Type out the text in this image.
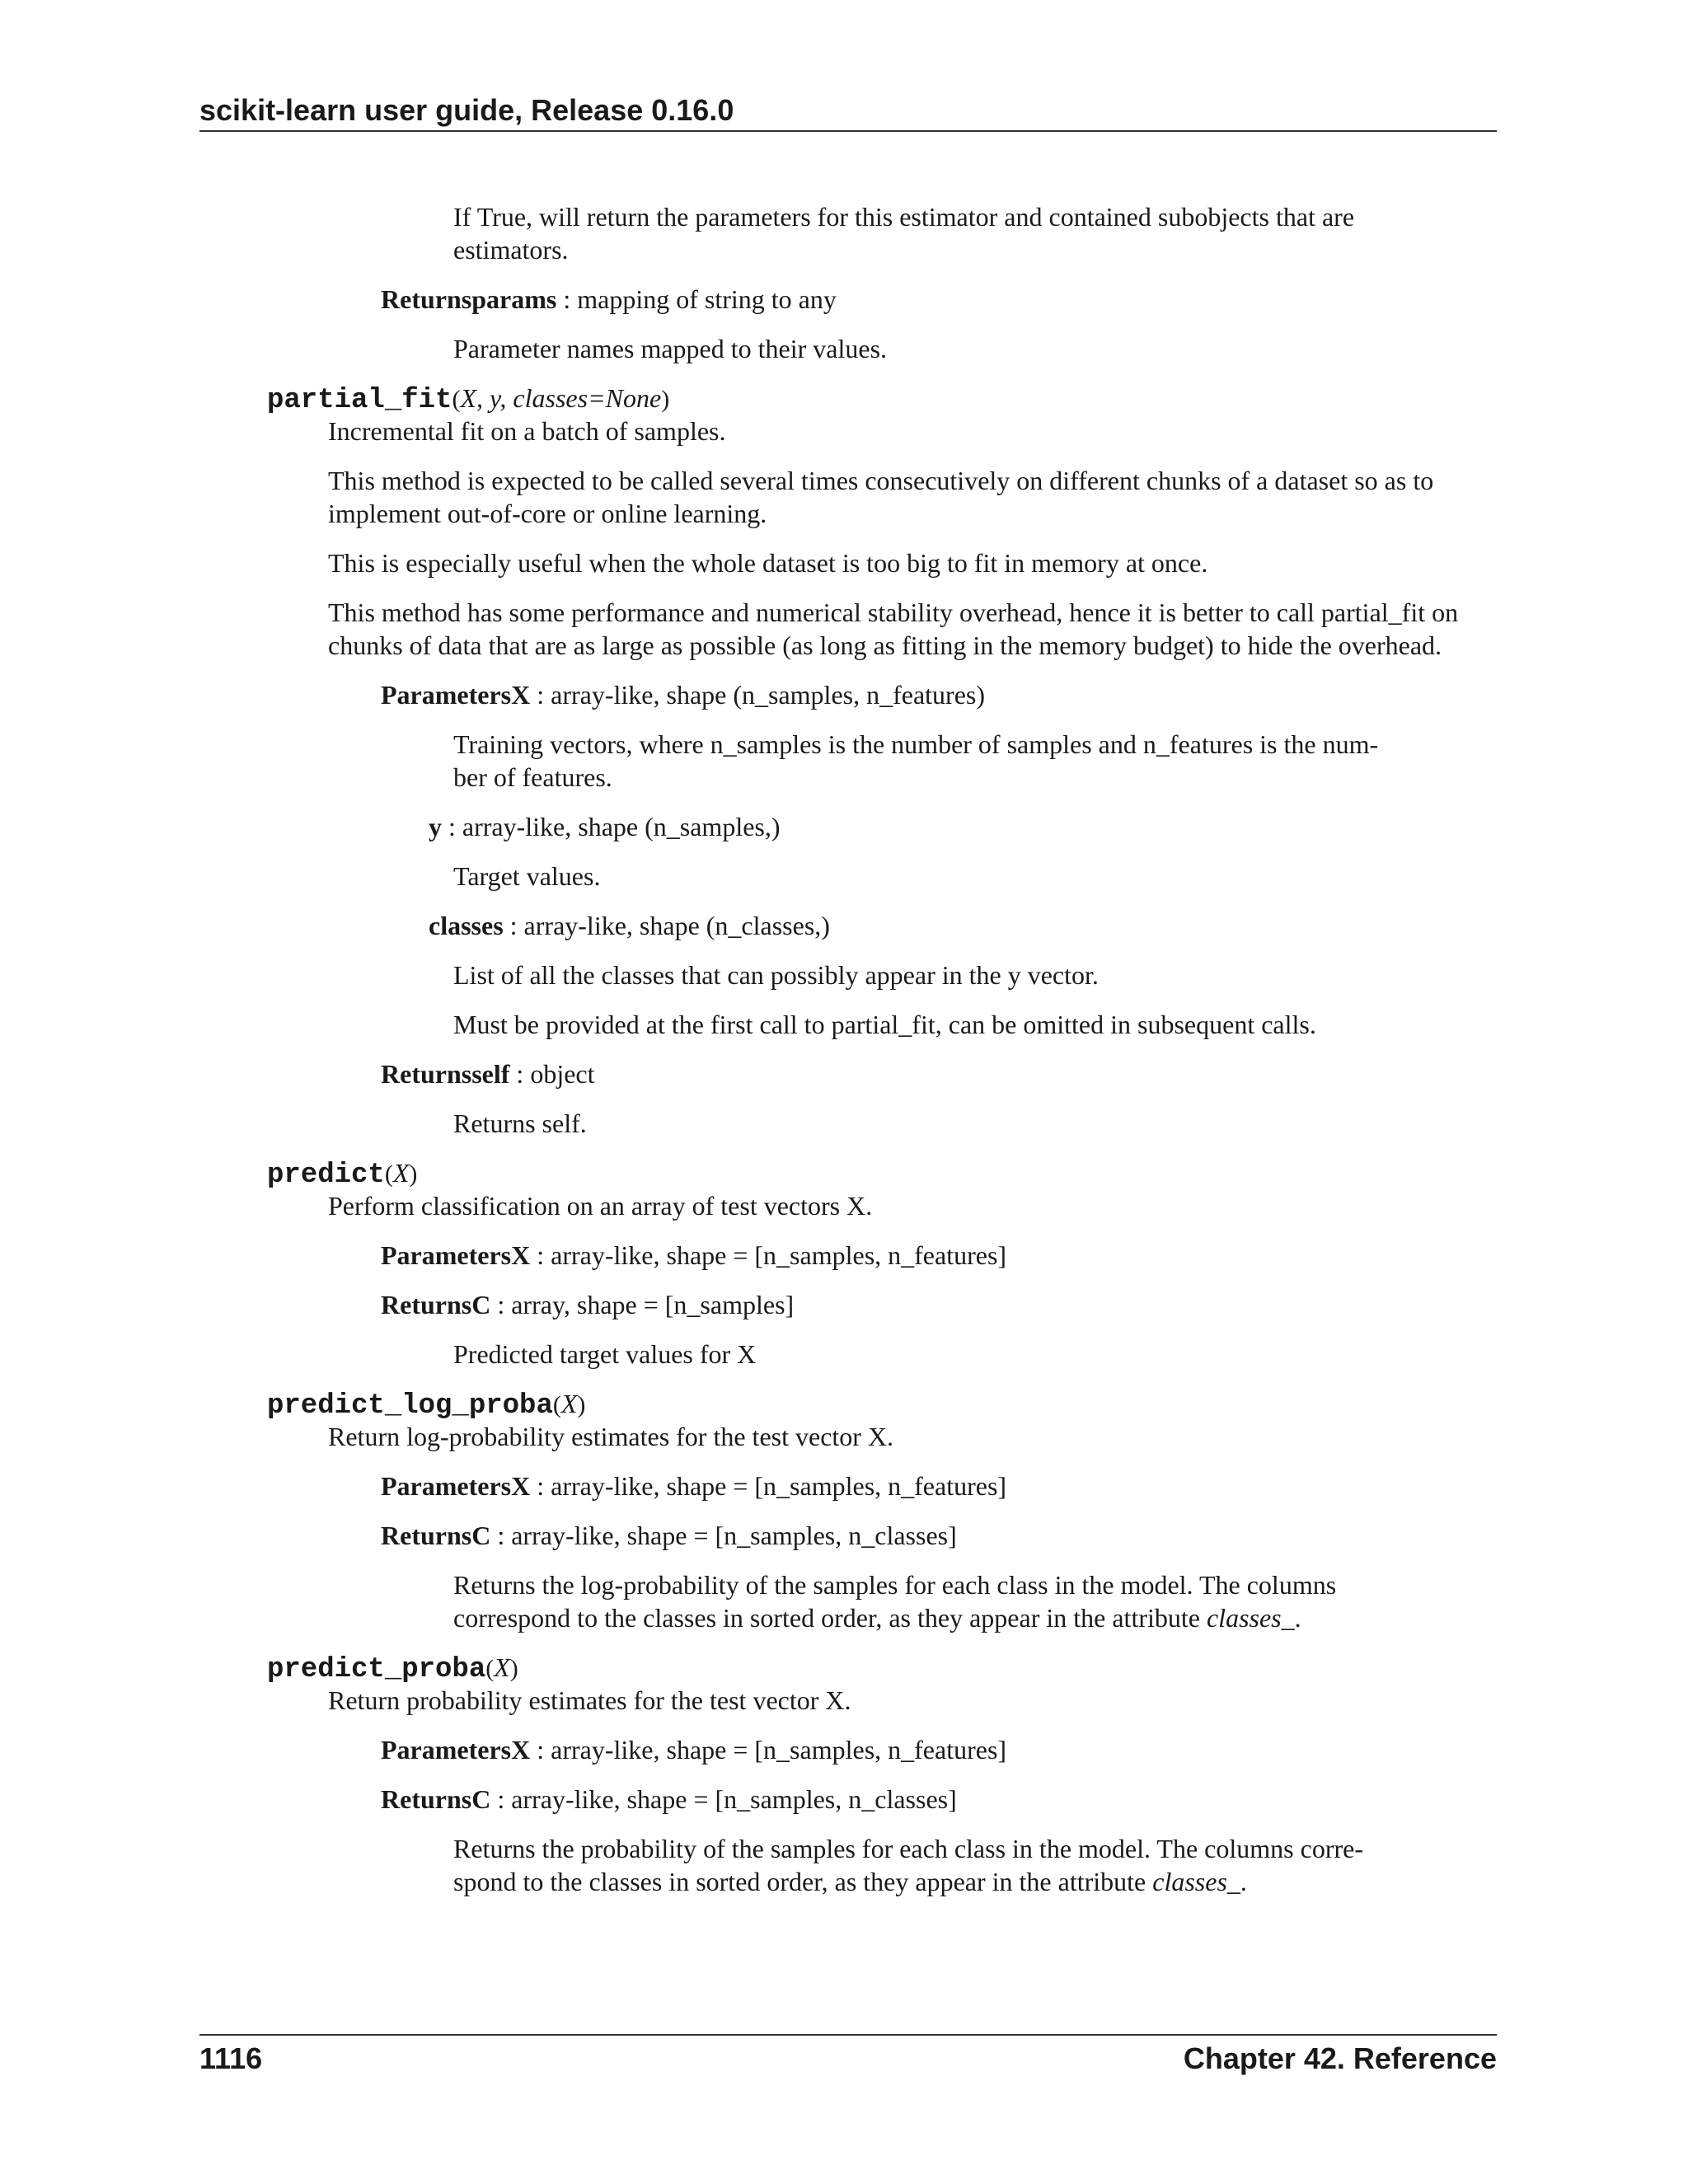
scikit-learn user guide, Release 0.16.0
If True, will return the parameters for this estimator and contained subobjects that are
estimators.
Returnsparams : mapping of string to any
Parameter names mapped to their values.
partial_fit(X, y, classes=None)
Incremental fit on a batch of samples.
This method is expected to be called several times consecutively on different chunks of a dataset so as to
implement out-of-core or online learning.
This is especially useful when the whole dataset is too big to fit in memory at once.
This method has some performance and numerical stability overhead, hence it is better to call partial_fit on
chunks of data that are as large as possible (as long as fitting in the memory budget) to hide the overhead.
ParametersX : array-like, shape (n_samples, n_features)
Training vectors, where n_samples is the number of samples and n_features is the num-
ber of features.
y : array-like, shape (n_samples,)
Target values.
classes : array-like, shape (n_classes,)
List of all the classes that can possibly appear in the y vector.
Must be provided at the first call to partial_fit, can be omitted in subsequent calls.
Returnsself : object
Returns self.
predict(X)
Perform classification on an array of test vectors X.
ParametersX : array-like, shape = [n_samples, n_features]
ReturnsC : array, shape = [n_samples]
Predicted target values for X
predict_log_proba(X)
Return log-probability estimates for the test vector X.
ParametersX : array-like, shape = [n_samples, n_features]
ReturnsC : array-like, shape = [n_samples, n_classes]
Returns the log-probability of the samples for each class in the model. The columns
correspond to the classes in sorted order, as they appear in the attribute classes_.
predict_proba(X)
Return probability estimates for the test vector X.
ParametersX : array-like, shape = [n_samples, n_features]
ReturnsC : array-like, shape = [n_samples, n_classes]
Returns the probability of the samples for each class in the model. The columns corre-
spond to the classes in sorted order, as they appear in the attribute classes_.
1116	Chapter 42. Reference
